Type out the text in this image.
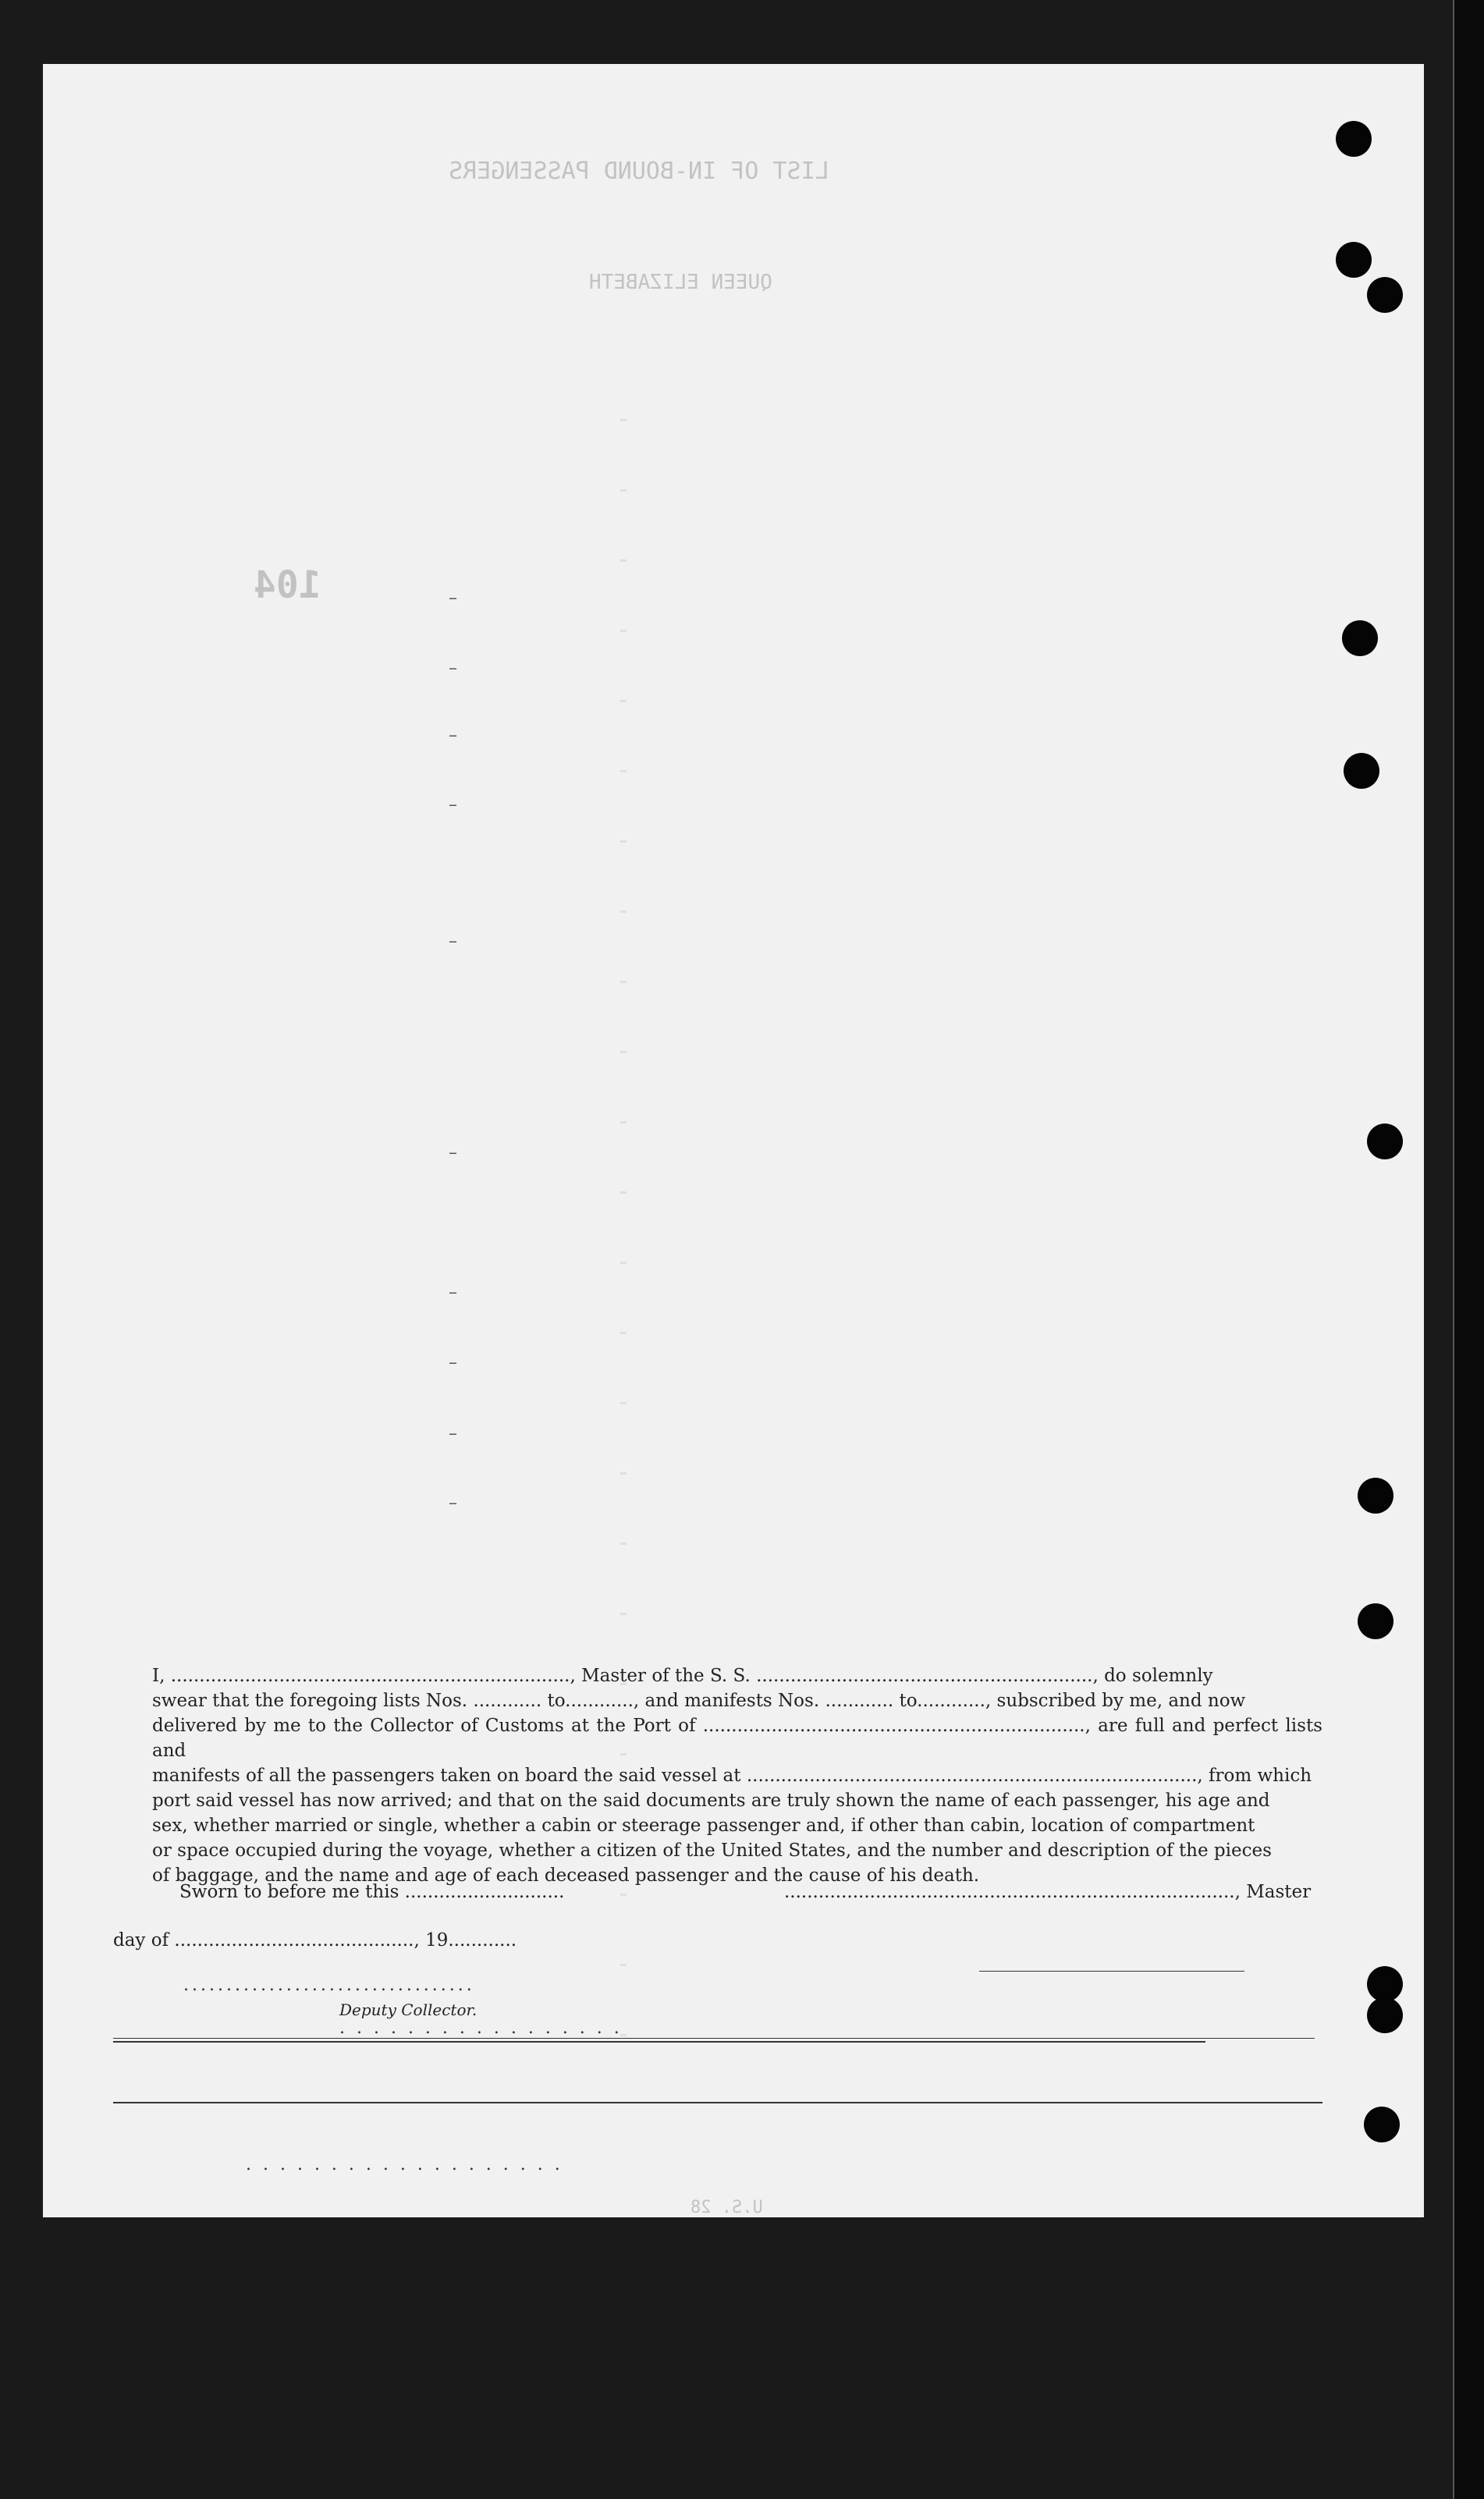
LIST OF IN-BOUND PASSENGERS
QUEEN ELIZABETH
104
U.S. 28
–
–
–
–
–
–
–
–
–
–
I, ......................................................................, Master of the S. S. ..........................................................., do solemnly
swear that the foregoing lists Nos. ............ to............, and manifests Nos. ............ to............, subscribed by me, and now
delivered by me to the Collector of Customs at the Port of ..................................................................., are full and perfect lists and
manifests of all the passengers taken on board the said vessel at ..............................................................................., from which
port said vessel has now arrived; and that on the said documents are truly shown the name of each passenger, his age and
sex, whether married or single, whether a cabin or steerage passenger and, if other than cabin, location of compartment
or space occupied during the voyage, whether a citizen of the United States, and the number and description of the pieces
of baggage, and the name and age of each deceased passenger and the cause of his death.
Sworn to before me this ............................	..............................................................................., Master
day of .........................................., 19............
..................................
Deputy Collector.
. . . . . . . . . . . . . . . . .
. . . . . . . . . . . . . . . . . . .
